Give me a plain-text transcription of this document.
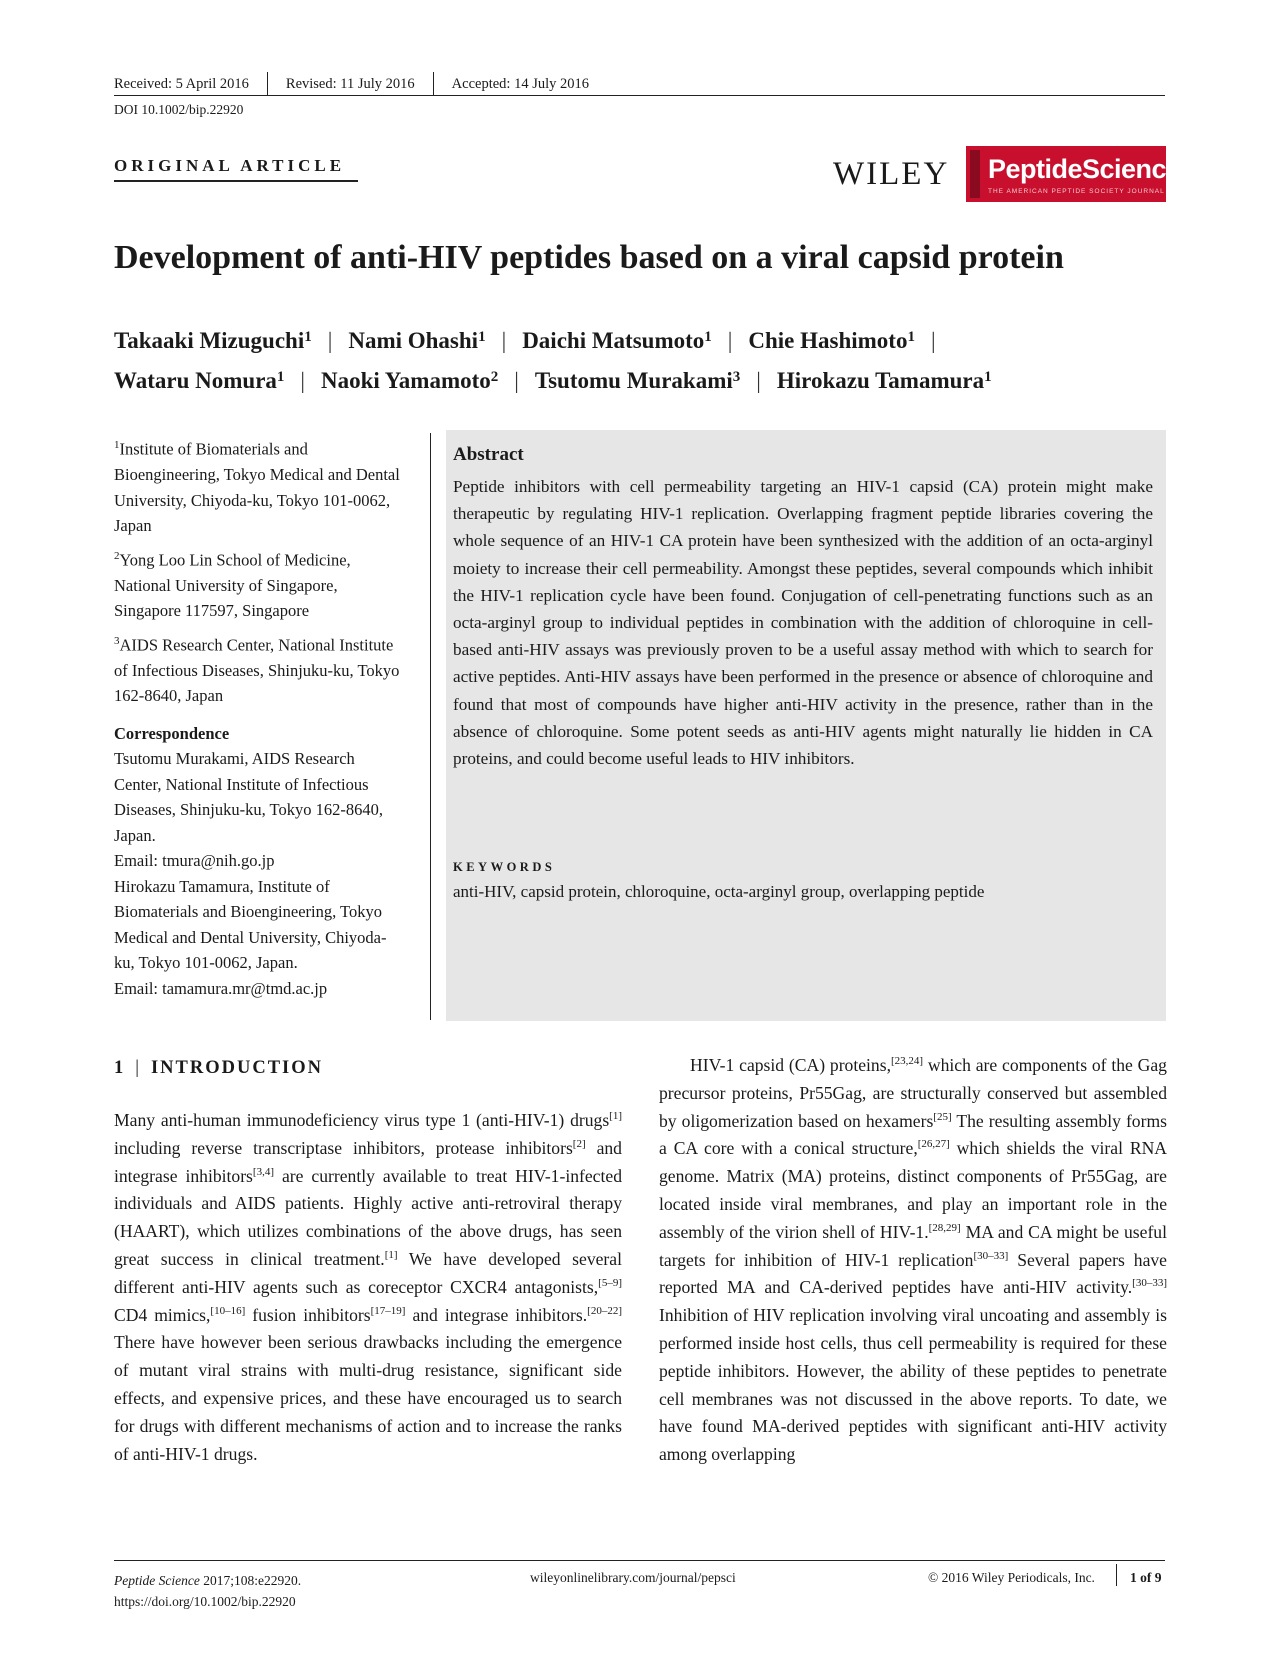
Received: 5 April 2016	Revised: 11 July 2016	Accepted: 14 July 2016
DOI 10.1002/bip.22920
ORIGINAL ARTICLE	WILEY PeptideScience
THE AMERICAN PEPTIDE SOCIETY JOURNAL
Development of anti-HIV peptides based on a viral capsid protein
Takaaki Mizuguchi$^1$ | Nami Ohashi$^1$ | Daichi Matsumoto$^1$ | Chie Hashimoto$^1$ |
Wataru Nomura$^1$ | Naoki Yamamoto$^2$ | Tsutomu Murakami$^3$ | Hirokazu Tamamura$^1$

$^1$Institute of Biomaterials and Bioengineering, Tokyo Medical and Dental University, Chiyoda-ku, Tokyo 101-0062, Japan

$^2$Yong Loo Lin School of Medicine, National University of Singapore, Singapore 117597, Singapore

$^3$AIDS Research Center, National Institute of Infectious Diseases, Shinjuku-ku, Tokyo 162-8640, Japan

Correspondence
Tsutomu Murakami, AIDS Research Center, National Institute of Infectious Diseases, Shinjuku-ku, Tokyo 162-8640, Japan.
Email: tmura@nih.go.jp
Hirokazu Tamamura, Institute of Biomaterials and Bioengineering, Tokyo Medical and Dental University, Chiyoda-ku, Tokyo 101-0062, Japan.
Email: tamamura.mr@tmd.ac.jp
Abstract
Peptide inhibitors with cell permeability targeting an HIV-1 capsid (CA) protein might make therapeutic by regulating HIV-1 replication. Overlapping fragment peptide libraries covering the whole sequence of an HIV-1 CA protein have been synthesized with the addition of an octa-arginyl moiety to increase their cell permeability. Amongst these peptides, several compounds which inhibit the HIV-1 replication cycle have been found. Conjugation of cell-penetrating functions such as an octa-arginyl group to individual peptides in combination with the addition of chloroquine in cell-based anti-HIV assays was previously proven to be a useful assay method with which to search for active peptides. Anti-HIV assays have been performed in the presence or absence of chloroquine and found that most of compounds have higher anti-HIV activity in the presence, rather than in the absence of chloroquine. Some potent seeds as anti-HIV agents might naturally lie hidden in CA proteins, and could become useful leads to HIV inhibitors.
KEYWORDS
anti-HIV, capsid protein, chloroquine, octa-arginyl group, overlapping peptide
1 | INTRODUCTION
Many anti-human immunodeficiency virus type 1 (anti-HIV-1) drugs[1] including reverse transcriptase inhibitors, protease inhibitors[2] and integrase inhibitors[3,4] are currently available to treat HIV-1-infected individuals and AIDS patients. Highly active anti-retroviral therapy (HAART), which utilizes combinations of the above drugs, has seen great success in clinical treatment.[1] We have developed several different anti-HIV agents such as coreceptor CXCR4 antagonists,[5–9] CD4 mimics,[10–16] fusion inhibitors[17–19] and integrase inhibitors.[20–22] There have however been serious drawbacks including the emergence of mutant viral strains with multi-drug resistance, significant side effects, and expensive prices, and these have encouraged us to search for drugs with different mechanisms of action and to increase the ranks of anti-HIV-1 drugs.
HIV-1 capsid (CA) proteins,[23,24] which are components of the Gag precursor proteins, Pr55Gag, are structurally conserved but assembled by oligomerization based on hexamers[25] The resulting assembly forms a CA core with a conical structure,[26,27] which shields the viral RNA genome. Matrix (MA) proteins, distinct components of Pr55Gag, are located inside viral membranes, and play an important role in the assembly of the virion shell of HIV-1.[28,29] MA and CA might be useful targets for inhibition of HIV-1 replication[30–33] Several papers have reported MA and CA-derived peptides have anti-HIV activity.[30–33] Inhibition of HIV replication involving viral uncoating and assembly is performed inside host cells, thus cell permeability is required for these peptide inhibitors. However, the ability of these peptides to penetrate cell membranes was not discussed in the above reports. To date, we have found MA-derived peptides with significant anti-HIV activity among overlapping
Peptide Science 2017;108:e22920.
https://doi.org/10.1002/bip.22920
wileyonlinelibrary.com/journal/pepsci	© 2016 Wiley Periodicals, Inc.	1 of 9
